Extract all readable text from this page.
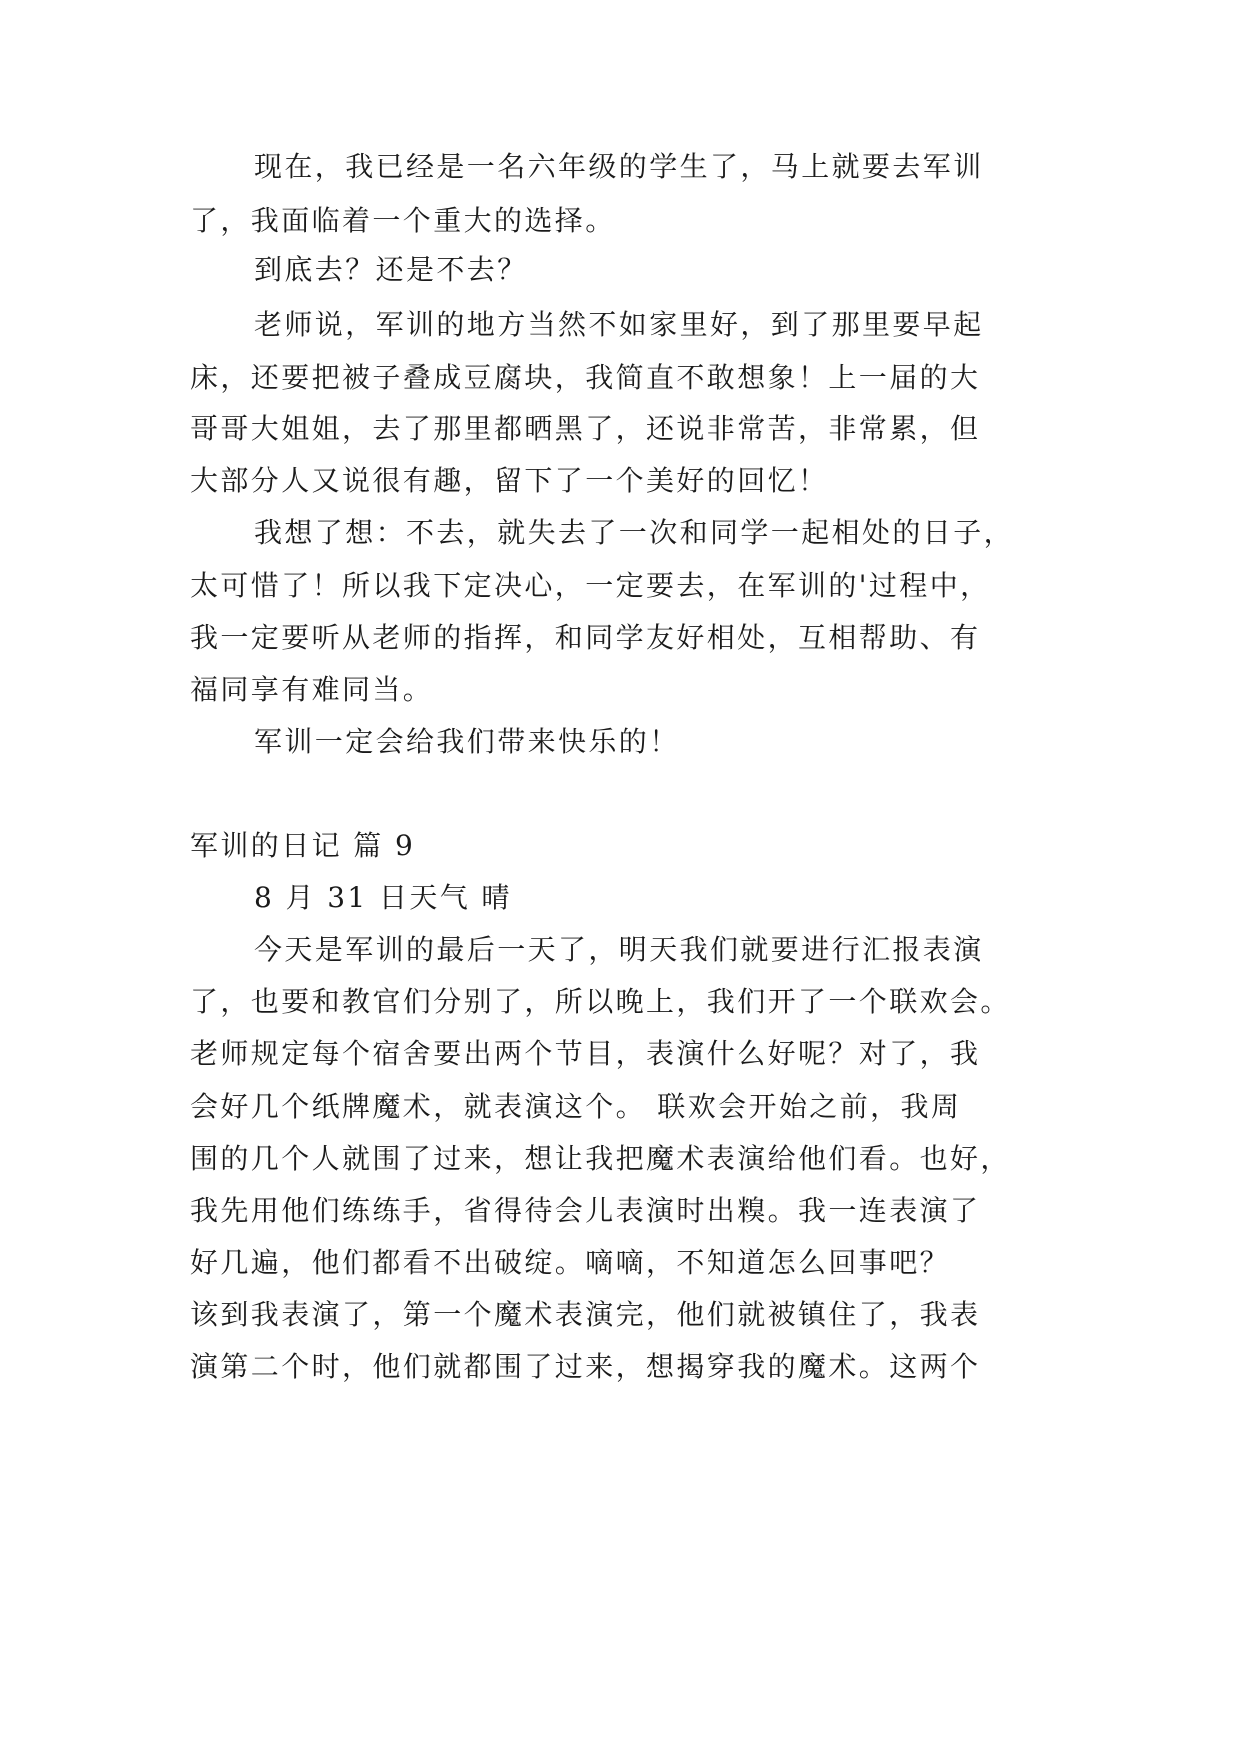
现在，我已经是一名六年级的学生了，马上就要去军训
了，我面临着一个重大的选择。
到底去？还是不去？
老师说，军训的地方当然不如家里好，到了那里要早起
床，还要把被子叠成豆腐块，我简直不敢想象！上一届的大
哥哥大姐姐，去了那里都晒黑了，还说非常苦，非常累，但
大部分人又说很有趣，留下了一个美好的回忆！
我想了想：不去，就失去了一次和同学一起相处的日子，
太可惜了！所以我下定决心，一定要去，在军训的'过程中，
我一定要听从老师的指挥，和同学友好相处，互相帮助、有
福同享有难同当。
军训一定会给我们带来快乐的！
军训的日记 篇 9
8 月 31 日天气 晴
今天是军训的最后一天了，明天我们就要进行汇报表演
了，也要和教官们分别了，所以晚上，我们开了一个联欢会。
老师规定每个宿舍要出两个节目，表演什么好呢？对了，我
会好几个纸牌魔术，就表演这个。 联欢会开始之前，我周
围的几个人就围了过来，想让我把魔术表演给他们看。也好，
我先用他们练练手，省得待会儿表演时出糗。我一连表演了
好几遍，他们都看不出破绽。嘀嘀，不知道怎么回事吧？
该到我表演了，第一个魔术表演完，他们就被镇住了，我表
演第二个时，他们就都围了过来，想揭穿我的魔术。这两个
